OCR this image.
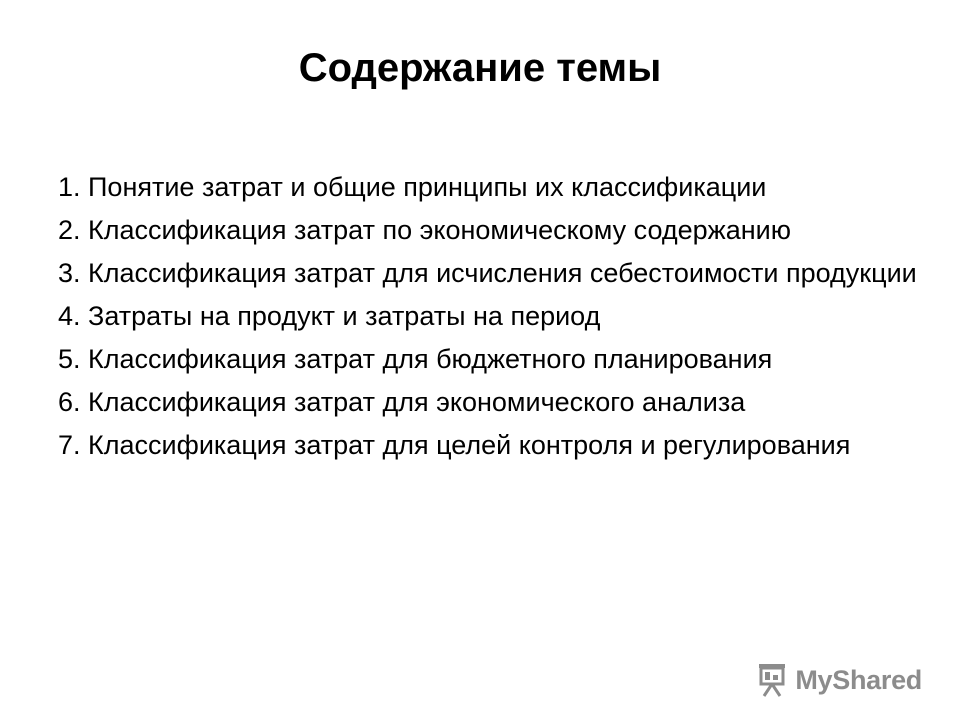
Содержание темы
1. Понятие затрат и общие принципы их классификации
2. Классификация затрат по экономическому содержанию
3. Классификация затрат для исчисления себестоимости продукции
4. Затраты на продукт и затраты на период
5. Классификация затрат для бюджетного планирования
6. Классификация затрат для экономического анализа
7. Классификация затрат для целей контроля и регулирования
MyShared
